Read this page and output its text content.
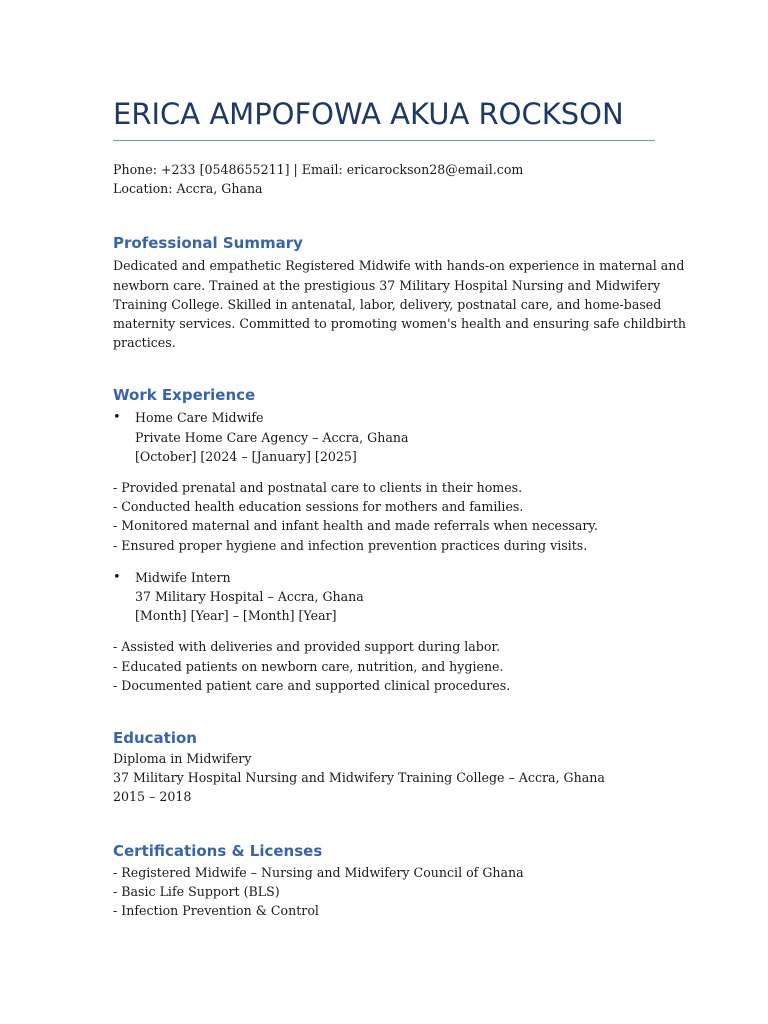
ERICA AMPOFOWA AKUA ROCKSON

Phone: +233 [0548655211] | Email: ericarockson28@email.com

Location: Accra, Ghana

Professional Summary

Dedicated and empathetic Registered Midwife with hands-on experience in maternal and

newborn care. Trained at the prestigious 37 Military Hospital Nursing and Midwifery

Training College. Skilled in antenatal, labor, delivery, postnatal care, and home-based

maternity services. Committed to promoting women's health and ensuring safe childbirth

practices.

Work Experience
• Home Care Midwife

Private Home Care Agency – Accra, Ghana

[October] [2024 – [January] [2025]

- Provided prenatal and postnatal care to clients in their homes.

- Conducted health education sessions for mothers and families.

- Monitored maternal and infant health and made referrals when necessary.

- Ensured proper hygiene and infection prevention practices during visits.

• Midwife Intern

37 Military Hospital – Accra, Ghana

[Month] [Year] – [Month] [Year]

- Assisted with deliveries and provided support during labor.

- Educated patients on newborn care, nutrition, and hygiene.

- Documented patient care and supported clinical procedures.

Education

Diploma in Midwifery

37 Military Hospital Nursing and Midwifery Training College – Accra, Ghana

2015 – 2018

Certifications & Licenses

- Registered Midwife – Nursing and Midwifery Council of Ghana

- Basic Life Support (BLS)

- Infection Prevention & Control
